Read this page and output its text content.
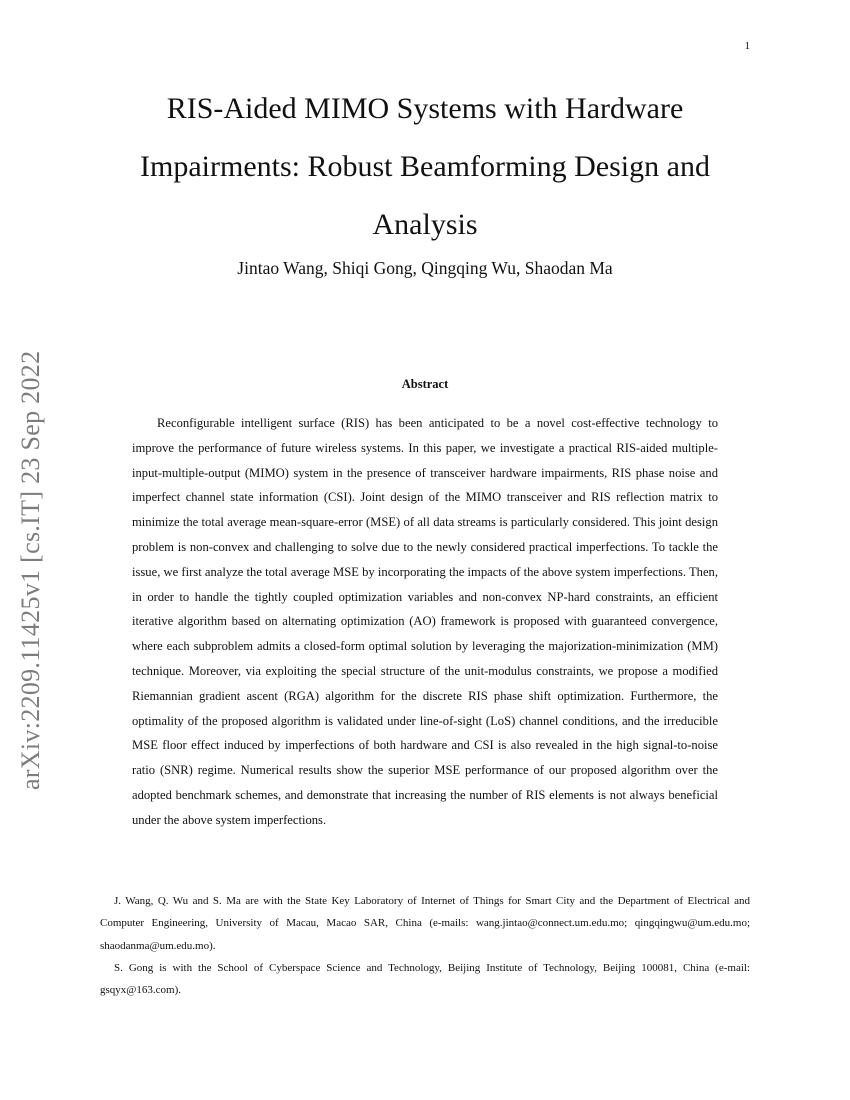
1
RIS-Aided MIMO Systems with Hardware Impairments: Robust Beamforming Design and Analysis
Jintao Wang, Shiqi Gong, Qingqing Wu, Shaodan Ma
arXiv:2209.11425v1 [cs.IT] 23 Sep 2022	Abstract

Reconfigurable intelligent surface (RIS) has been anticipated to be a novel cost-effective technology to improve the performance of future wireless systems. In this paper, we investigate a practical RIS-aided multiple-input-multiple-output (MIMO) system in the presence of transceiver hardware impairments, RIS phase noise and imperfect channel state information (CSI). Joint design of the MIMO transceiver and RIS reflection matrix to minimize the total average mean-square-error (MSE) of all data streams is particularly considered. This joint design problem is non-convex and challenging to solve due to the newly considered practical imperfections. To tackle the issue, we first analyze the total average MSE by incorporating the impacts of the above system imperfections. Then, in order to handle the tightly coupled optimization variables and non-convex NP-hard constraints, an efficient iterative algorithm based on alternating optimization (AO) framework is proposed with guaranteed convergence, where each subproblem admits a closed-form optimal solution by leveraging the majorization-minimization (MM) technique. Moreover, via exploiting the special structure of the unit-modulus constraints, we propose a modified Riemannian gradient ascent (RGA) algorithm for the discrete RIS phase shift optimization. Furthermore, the optimality of the proposed algorithm is validated under line-of-sight (LoS) channel conditions, and the irreducible MSE floor effect induced by imperfections of both hardware and CSI is also revealed in the high signal-to-noise ratio (SNR) regime. Numerical results show the superior MSE performance of our proposed algorithm over the adopted benchmark schemes, and demonstrate that increasing the number of RIS elements is not always beneficial under the above system imperfections.

J. Wang, Q. Wu and S. Ma are with the State Key Laboratory of Internet of Things for Smart City and the Department of Electrical and Computer Engineering, University of Macau, Macao SAR, China (e-mails: wang.jintao@connect.um.edu.mo; qingqingwu@um.edu.mo; shaodanma@um.edu.mo).

S. Gong is with the School of Cyberspace Science and Technology, Beijing Institute of Technology, Beijing 100081, China (e-mail: gsqyx@163.com).
